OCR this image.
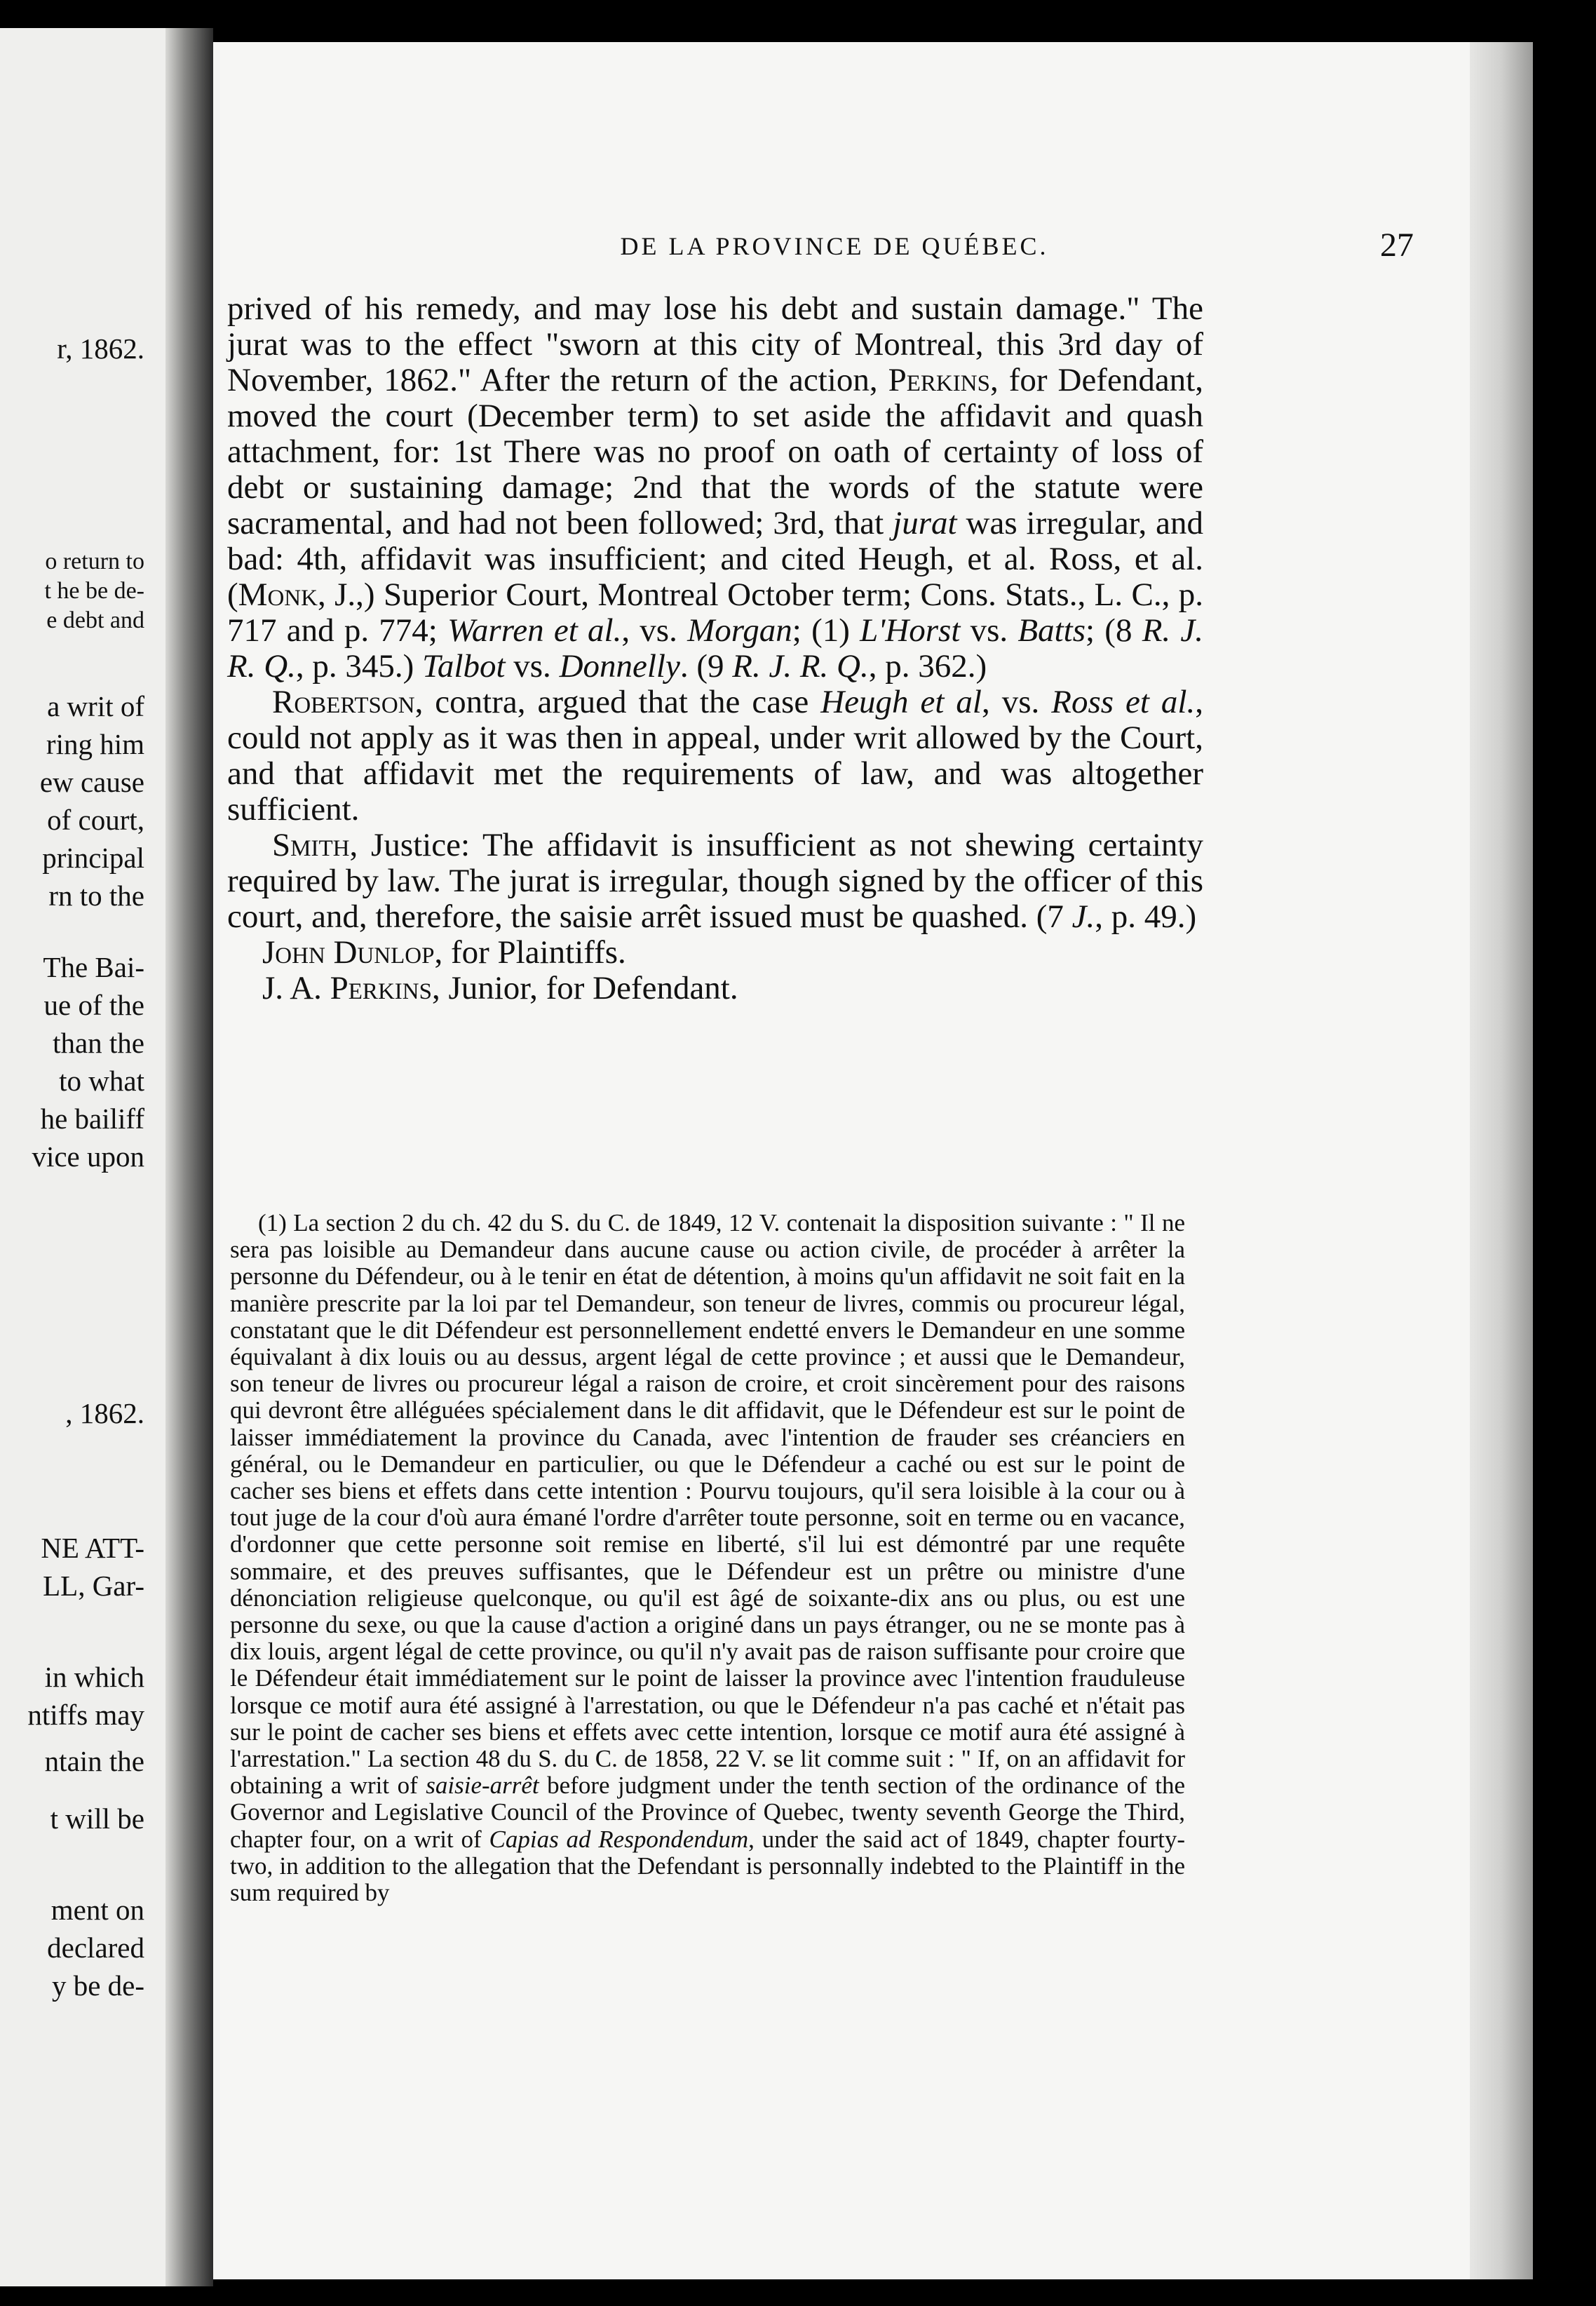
r, 1862.
o return to
t he be de-
e debt and
a writ of
ring him
ew cause
of court,
principal
rn to the
The Bai-
ue of the
than the
to what
he bailiff
vice upon
, 1862.
NE ATT-
LL, Gar-
in which
ntiffs may
ntain the
t will be
ment on
declared
y be de-
DE LA PROVINCE DE QUÉBEC.	27

prived of his remedy, and may lose his debt and sustain damage." The jurat was to the effect "sworn at this city of Montreal, this 3rd day of November, 1862." After the return of the action, Perkins, for Defendant, moved the court (December term) to set aside the affidavit and quash attachment, for: 1st There was no proof on oath of certainty of loss of debt or sustaining damage; 2nd that the words of the statute were sacramental, and had not been followed; 3rd, that jurat was irregular, and bad: 4th, affidavit was insufficient; and cited Heugh, et al. Ross, et al. (Monk, J.,) Superior Court, Montreal October term; Cons. Stats., L. C., p. 717 and p. 774; Warren et al., vs. Morgan; (1) L'Horst vs. Batts; (8 R. J. R. Q., p. 345.) Talbot vs. Donnelly. (9 R. J. R. Q., p. 362.)

Robertson, contra, argued that the case Heugh et al, vs. Ross et al., could not apply as it was then in appeal, under writ allowed by the Court, and that affidavit met the requirements of law, and was altogether sufficient.

Smith, Justice: The affidavit is insufficient as not shewing certainty required by law. The jurat is irregular, though signed by the officer of this court, and, therefore, the saisie arrêt issued must be quashed. (7 J., p. 49.)

John Dunlop, for Plaintiffs.

J. A. Perkins, Junior, for Defendant.

(1) La section 2 du ch. 42 du S. du C. de 1849, 12 V. contenait la disposition suivante : " Il ne sera pas loisible au Demandeur dans aucune cause ou action civile, de procéder à arrêter la personne du Défendeur, ou à le tenir en état de détention, à moins qu'un affidavit ne soit fait en la manière prescrite par la loi par tel Demandeur, son teneur de livres, commis ou procureur légal, constatant que le dit Défendeur est personnellement endetté envers le Demandeur en une somme équivalant à dix louis ou au dessus, argent légal de cette province ; et aussi que le Demandeur, son teneur de livres ou procureur légal a raison de croire, et croit sincèrement pour des raisons qui devront être alléguées spécialement dans le dit affidavit, que le Défendeur est sur le point de laisser immédiatement la province du Canada, avec l'intention de frauder ses créanciers en général, ou le Demandeur en particulier, ou que le Défendeur a caché ou est sur le point de cacher ses biens et effets dans cette intention : Pourvu toujours, qu'il sera loisible à la cour ou à tout juge de la cour d'où aura émané l'ordre d'arrêter toute personne, soit en terme ou en vacance, d'ordonner que cette personne soit remise en liberté, s'il lui est démontré par une requête sommaire, et des preuves suffisantes, que le Défendeur est un prêtre ou ministre d'une dénonciation religieuse quelconque, ou qu'il est âgé de soixante-dix ans ou plus, ou est une personne du sexe, ou que la cause d'action a originé dans un pays étranger, ou ne se monte pas à dix louis, argent légal de cette province, ou qu'il n'y avait pas de raison suffisante pour croire que le Défendeur était immédiatement sur le point de laisser la province avec l'intention frauduleuse lorsque ce motif aura été assigné à l'arrestation, ou que le Défendeur n'a pas caché et n'était pas sur le point de cacher ses biens et effets avec cette intention, lorsque ce motif aura été assigné à l'arrestation." La section 48 du S. du C. de 1858, 22 V. se lit comme suit : " If, on an affidavit for obtaining a writ of saisie-arrêt before judgment under the tenth section of the ordinance of the Governor and Legislative Council of the Province of Quebec, twenty seventh George the Third, chapter four, on a writ of Capias ad Respondendum, under the said act of 1849, chapter fourty-two, in addition to the allegation that the Defendant is personnally indebted to the Plaintiff in the sum required by
